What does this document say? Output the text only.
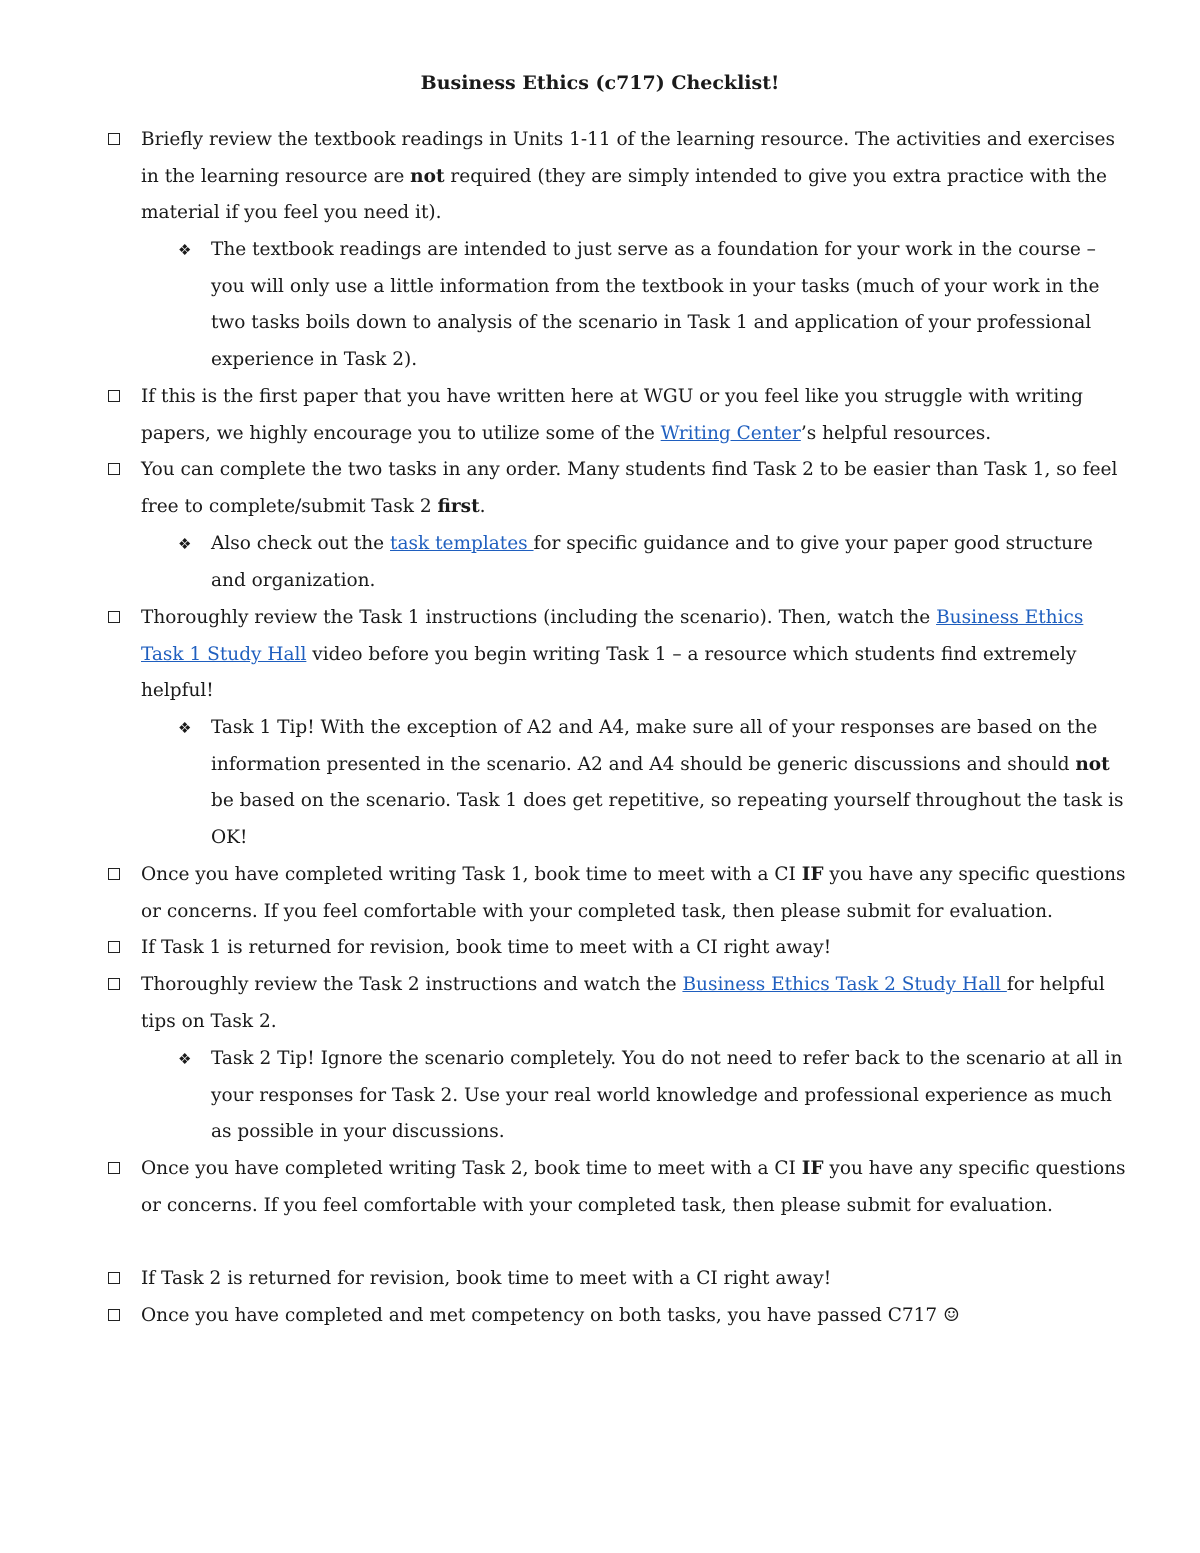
Business Ethics (c717) Checklist!
Briefly review the textbook readings in Units 1-11 of the learning resource. The activities and exercises in the learning resource are not required (they are simply intended to give you extra practice with the material if you feel you need it).
❖ The textbook readings are intended to just serve as a foundation for your work in the course – you will only use a little information from the textbook in your tasks (much of your work in the two tasks boils down to analysis of the scenario in Task 1 and application of your professional experience in Task 2).
If this is the first paper that you have written here at WGU or you feel like you struggle with writing papers, we highly encourage you to utilize some of the Writing Center’s helpful resources.
You can complete the two tasks in any order. Many students find Task 2 to be easier than Task 1, so feel free to complete/submit Task 2 first.
❖ Also check out the task templates for specific guidance and to give your paper good structure and organization.
Thoroughly review the Task 1 instructions (including the scenario). Then, watch the Business Ethics Task 1 Study Hall video before you begin writing Task 1 – a resource which students find extremely helpful!
❖ Task 1 Tip! With the exception of A2 and A4, make sure all of your responses are based on the information presented in the scenario. A2 and A4 should be generic discussions and should not be based on the scenario. Task 1 does get repetitive, so repeating yourself throughout the task is OK!
Once you have completed writing Task 1, book time to meet with a CI IF you have any specific questions or concerns. If you feel comfortable with your completed task, then please submit for evaluation.
If Task 1 is returned for revision, book time to meet with a CI right away!
Thoroughly review the Task 2 instructions and watch the Business Ethics Task 2 Study Hall for helpful tips on Task 2.
❖ Task 2 Tip! Ignore the scenario completely. You do not need to refer back to the scenario at all in your responses for Task 2. Use your real world knowledge and professional experience as much as possible in your discussions.
Once you have completed writing Task 2, book time to meet with a CI IF you have any specific questions or concerns. If you feel comfortable with your completed task, then please submit for evaluation.
If Task 2 is returned for revision, book time to meet with a CI right away!
Once you have completed and met competency on both tasks, you have passed C717 ☺
